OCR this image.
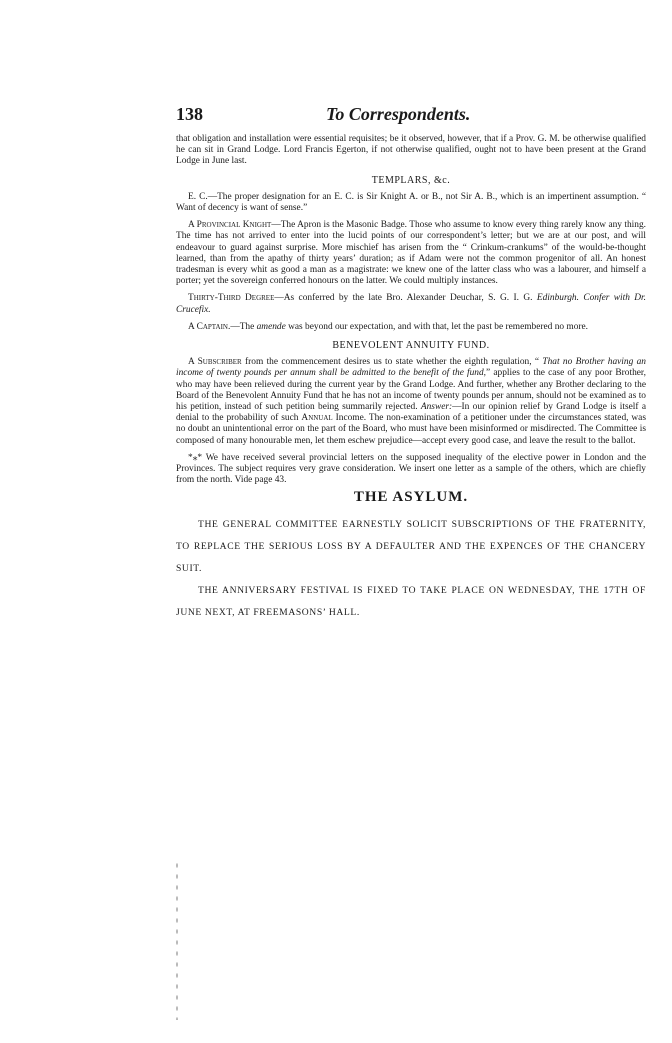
138	To Correspondents.

that obligation and installation were essential requisites; be it observed, however, that if a Prov. G. M. be otherwise qualified he can sit in Grand Lodge. Lord Francis Egerton, if not otherwise qualified, ought not to have been present at the Grand Lodge in June last.

TEMPLARS, &c.

E. C.—The proper designation for an E. C. is Sir Knight A. or B., not Sir A. B., which is an impertinent assumption. “ Want of decency is want of sense.”

A Provincial Knight—The Apron is the Masonic Badge. Those who assume to know every thing rarely know any thing. The time has not arrived to enter into the lucid points of our correspondent’s letter; but we are at our post, and will endeavour to guard against surprise. More mischief has arisen from the “ Crinkum-crankums” of the would-be-thought learned, than from the apathy of thirty years’ duration; as if Adam were not the common progenitor of all. An honest tradesman is every whit as good a man as a magistrate: we knew one of the latter class who was a labourer, and himself a porter; yet the sovereign conferred honours on the latter. We could multiply instances.

Thirty-Third Degree—As conferred by the late Bro. Alexander Deuchar, S. G. I. G. Edinburgh. Confer with Dr. Crucefix.

A Captain.—The amende was beyond our expectation, and with that, let the past be remembered no more.

BENEVOLENT ANNUITY FUND.

A Subscriber from the commencement desires us to state whether the eighth regulation, “ That no Brother having an income of twenty pounds per annum shall be admitted to the benefit of the fund,” applies to the case of any poor Brother, who may have been relieved during the current year by the Grand Lodge. And further, whether any Brother declaring to the Board of the Benevolent Annuity Fund that he has not an income of twenty pounds per annum, should not be examined as to his petition, instead of such petition being summarily rejected. Answer:—In our opinion relief by Grand Lodge is itself a denial to the probability of such Annual Income. The non-examination of a petitioner under the circumstances stated, was no doubt an unintentional error on the part of the Board, who must have been misinformed or misdirected. The Committee is composed of many honourable men, let them eschew prejudice—accept every good case, and leave the result to the ballot.

*⁎* We have received several provincial letters on the supposed inequality of the elective power in London and the Provinces. The subject requires very grave consideration. We insert one letter as a sample of the others, which are chiefly from the north. Vide page 43.

THE ASYLUM.

THE GENERAL COMMITTEE EARNESTLY SOLICIT SUBSCRIPTIONS OF THE FRATERNITY, TO REPLACE THE SERIOUS LOSS BY A DEFAULTER AND THE EXPENCES OF THE CHANCERY SUIT.

THE ANNIVERSARY FESTIVAL IS FIXED TO TAKE PLACE ON WEDNESDAY, THE 17TH OF JUNE NEXT, AT FREEMASONS’ HALL.
